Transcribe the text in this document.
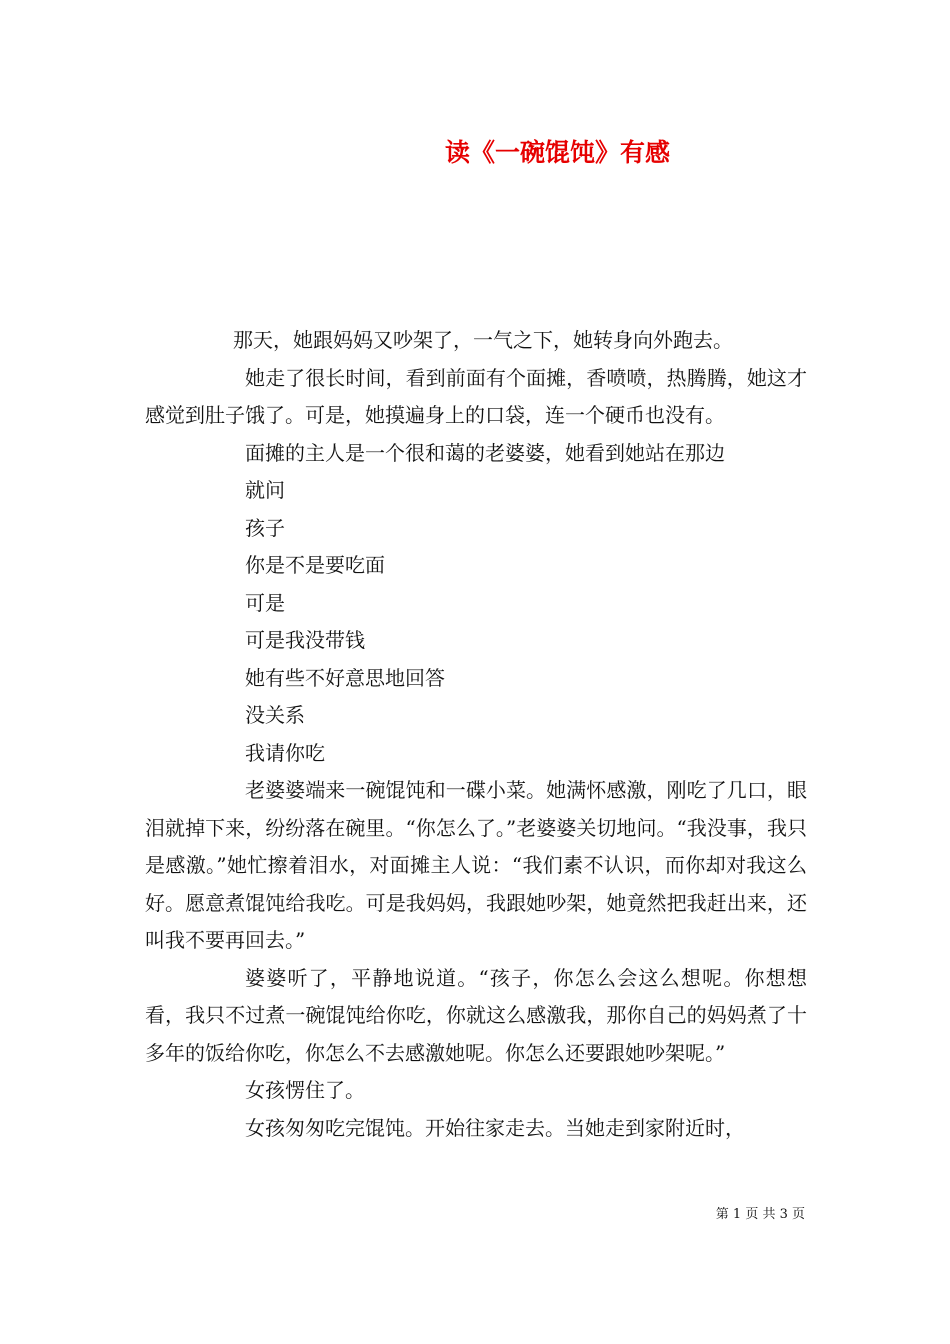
读《一碗馄饨》有感

那天，她跟妈妈又吵架了，一气之下，她转身向外跑去。

她走了很长时间，看到前面有个面摊，香喷喷，热腾腾，她这才感觉到肚子饿了。可是，她摸遍身上的口袋，连一个硬币也没有。

面摊的主人是一个很和蔼的老婆婆，她看到她站在那边

就问

孩子

你是不是要吃面

可是

可是我没带钱

她有些不好意思地回答

没关系

我请你吃

老婆婆端来一碗馄饨和一碟小菜。她满怀感激，刚吃了几口，眼泪就掉下来，纷纷落在碗里。“你怎么了。”老婆婆关切地问。“我没事，我只是感激。”她忙擦着泪水，对面摊主人说：“我们素不认识，而你却对我这么好。愿意煮馄饨给我吃。可是我妈妈，我跟她吵架，她竟然把我赶出来，还叫我不要再回去。”

婆婆听了，平静地说道。“孩子，你怎么会这么想呢。你想想看，我只不过煮一碗馄饨给你吃，你就这么感激我，那你自己的妈妈煮了十多年的饭给你吃，你怎么不去感激她呢。你怎么还要跟她吵架呢。”

女孩愣住了。

女孩匆匆吃完馄饨。开始往家走去。当她走到家附近时，

第 1 页 共 3 页
